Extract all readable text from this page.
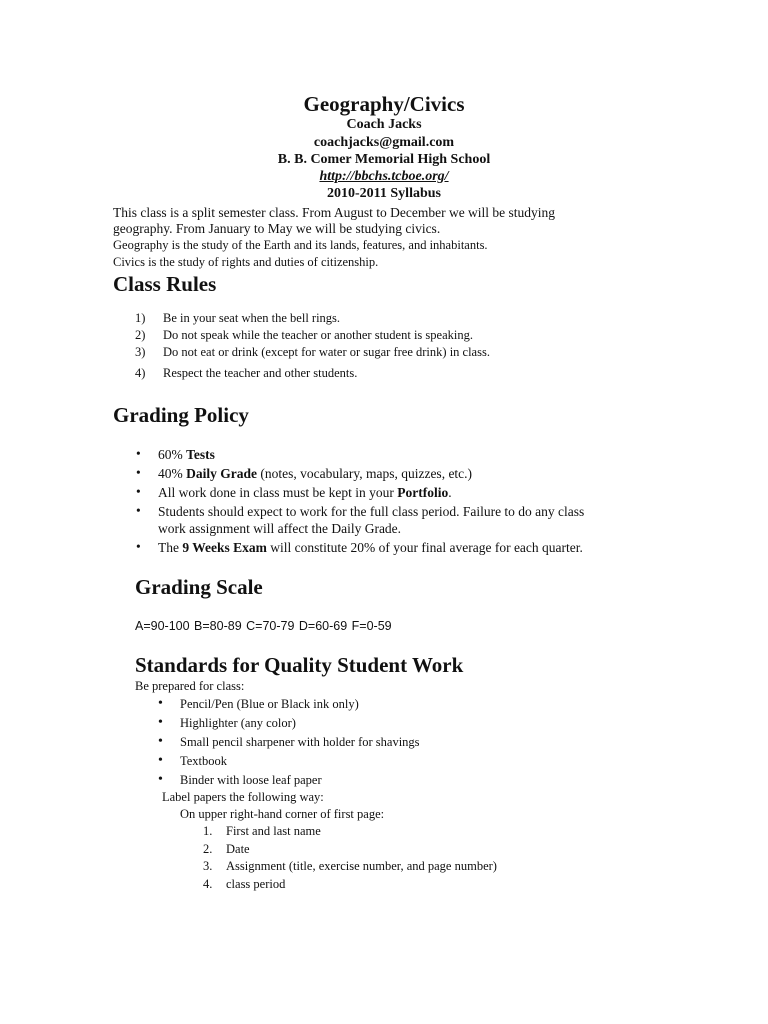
Geography/Civics
Coach Jacks
coachjacks@gmail.com
B. B. Comer Memorial High School
http://bbchs.tcboe.org/
2010-2011 Syllabus
This class is a split semester class. From August to December we will be studying
geography. From January to May we will be studying civics.
Geography is the study of the Earth and its lands, features, and inhabitants.
Civics is the study of rights and duties of citizenship.
Class Rules
1) Be in your seat when the bell rings.
2) Do not speak while the teacher or another student is speaking.
3) Do not eat or drink (except for water or sugar free drink) in class.
4) Respect the teacher and other students.
Grading Policy
• 60% Tests
• 40% Daily Grade (notes, vocabulary, maps, quizzes, etc.)
• All work done in class must be kept in your Portfolio.
• Students should expect to work for the full class period. Failure to do any class
work assignment will affect the Daily Grade.
• The 9 Weeks Exam will constitute 20% of your final average for each quarter.
Grading Scale
A=90-100 B=80-89 C=70-79 D=60-69 F=0-59
Standards for Quality Student Work
Be prepared for class:
• Pencil/Pen (Blue or Black ink only)
• Highlighter (any color)
• Small pencil sharpener with holder for shavings
• Textbook
• Binder with loose leaf paper
Label papers the following way:
On upper right-hand corner of first page:
1. First and last name
2. Date
3. Assignment (title, exercise number, and page number)
4. class period
